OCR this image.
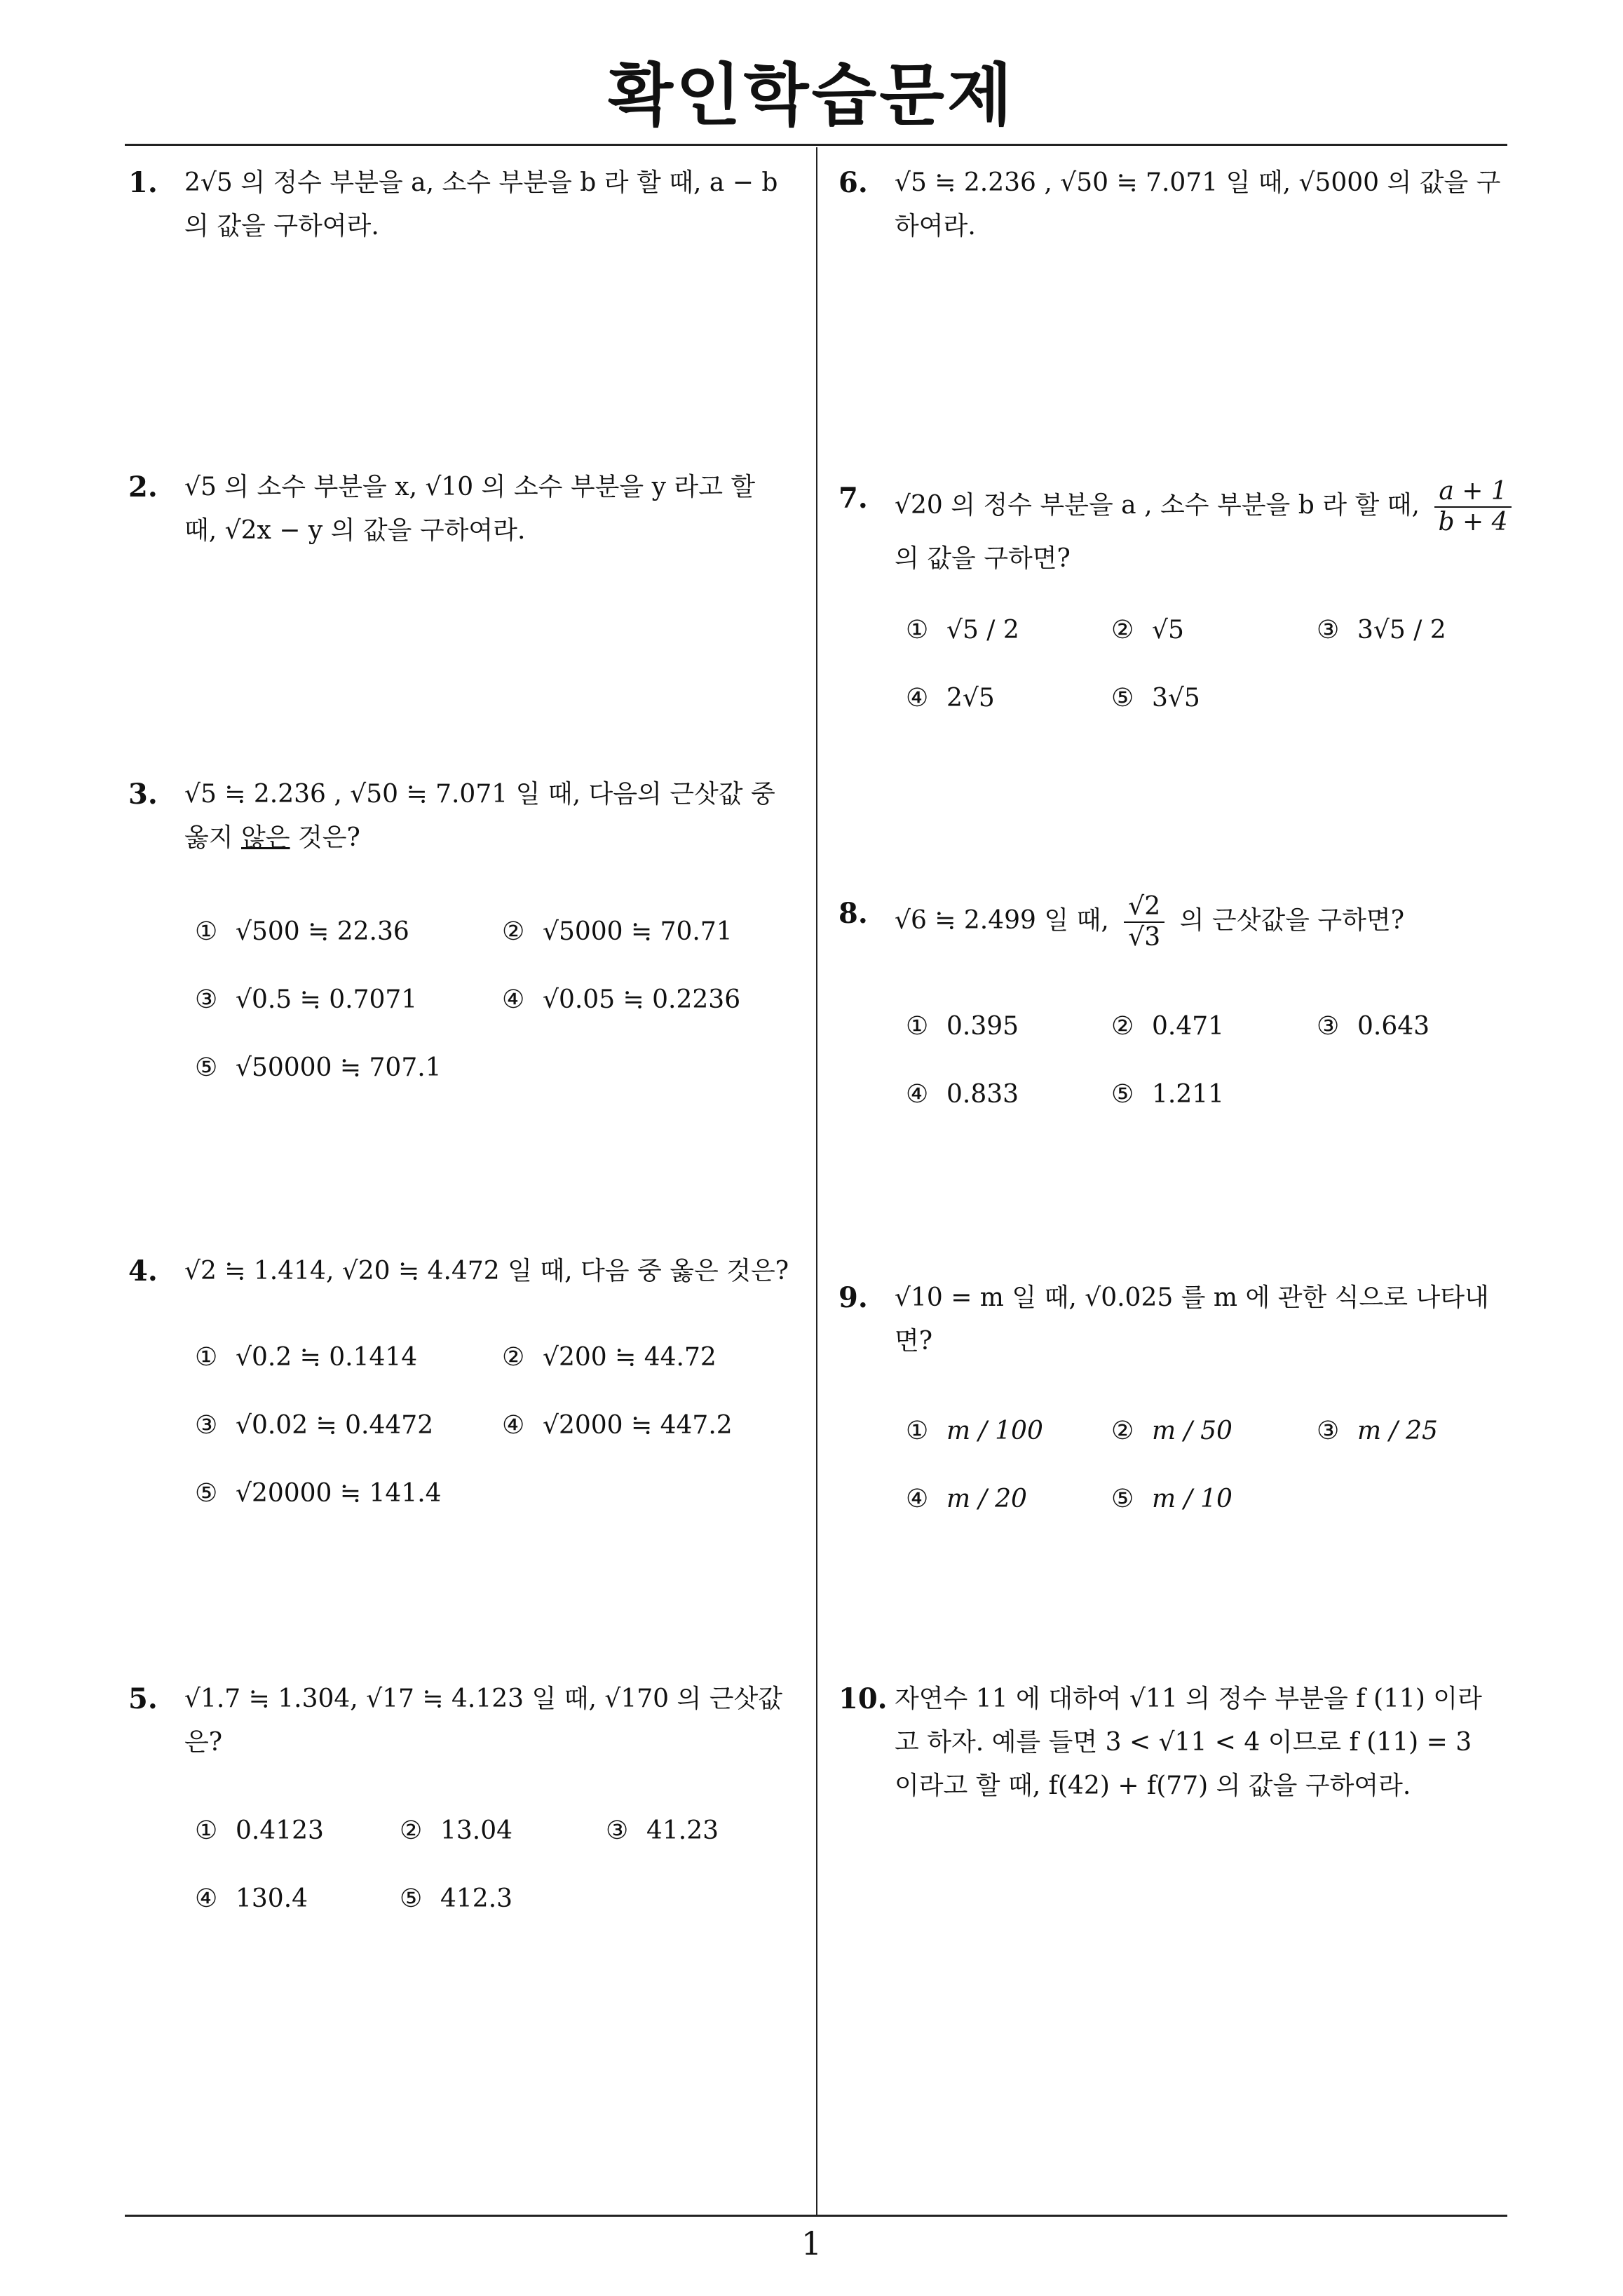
확인학습문제
1
1. 2√5 의 정수 부분을 a, 소수 부분을 b 라 할 때, a − b
의 값을 구하여라.
2. √5 의 소수 부분을 x, √10 의 소수 부분을 y 라고 할
때, √2x − y 의 값을 구하여라.
3. √5 ≒ 2.236 , √50 ≒ 7.071 일 때, 다음의 근삿값 중
옳지 않은 것은?
① √500 ≒ 22.36	② √5000 ≒ 70.71
③ √0.5 ≒ 0.7071	④ √0.05 ≒ 0.2236
⑤ √50000 ≒ 707.1
4. √2 ≒ 1.414, √20 ≒ 4.472 일 때, 다음 중 옳은 것은?
① √0.2 ≒ 0.1414	② √200 ≒ 44.72
③ √0.02 ≒ 0.4472	④ √2000 ≒ 447.2
⑤ √20000 ≒ 141.4
5. √1.7 ≒ 1.304, √17 ≒ 4.123 일 때, √170 의 근삿값
은?
① 0.4123	② 13.04	③ 41.23
④ 130.4	⑤ 412.3
6. √5 ≒ 2.236 , √50 ≒ 7.071 일 때, √5000 의 값을 구
하여라.
7. √20 의 정수 부분을 a , 소수 부분을 b 라 할 때, $\frac{a + 1}{b + 4}$
의 값을 구하면?
① √5 / 2	② √5	③ 3√5 / 2
④ 2√5	⑤ 3√5
8. √6 ≒ 2.499 일 때, $\frac{√2}{√3}$ 의 근삿값을 구하면?
① 0.395	② 0.471	③ 0.643
④ 0.833	⑤ 1.211
9. √10 = m 일 때, √0.025 를 m 에 관한 식으로 나타내
면?
① m / 100	② m / 50	③ m / 25
④ m / 20	⑤ m / 10
10. 자연수 11 에 대하여 √11 의 정수 부분을 f (11) 이라
고 하자. 예를 들면 3 < √11 < 4 이므로 f (11) = 3
이라고 할 때, f(42) + f(77) 의 값을 구하여라.
